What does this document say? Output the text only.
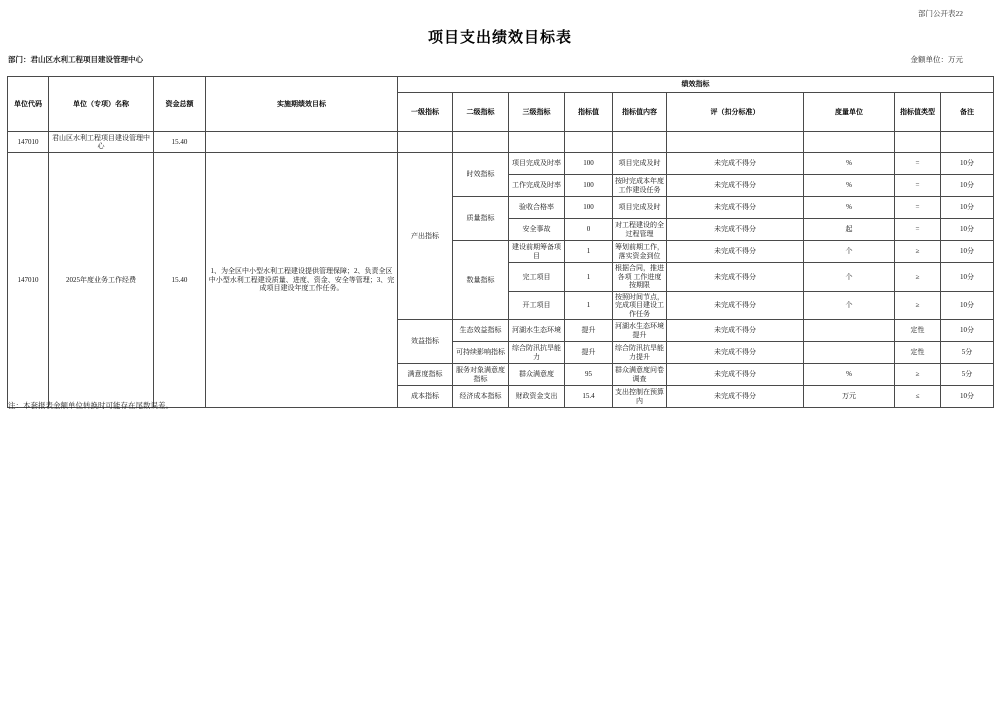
部门公开表22
项目支出绩效目标表
部门：君山区水利工程项目建设管理中心	金额单位：万元
单位代码	单位（专项）名称	资金总额	实施期绩效目标	绩效指标								
				一级指标	二级指标	三级指标	指标值	指标值内容	评（扣分标准）	度量单位	指标值类型	备注
147010	君山区水利工程项目建设管理中心	15.40										
147010	2025年度业务工作经费	15.40	1、为全区中小型水利工程建设提供管理保障；2、负责全区中小型水利工程建设质量、进度、资金、安全等管理；3、完成项目建设年度工作任务。	产出指标	时效指标	项目完成及时率	100	项目完成及时	未完成不得分	%	=	10分
						工作完成及时率	100	按时完成本年度工作建设任务	未完成不得分	%	=	10分
					质量指标	验收合格率	100	项目完成及时	未完成不得分	%	=	10分
						安全事故	0	对工程建设的全过程管理	未完成不得分	起	=	10分
					数量指标	建设前期筹备项目	1	筹划前期工作，落实资金到位	未完成不得分	个	≥	10分
						完工项目	1	根据合同，推进各项 工作进度按期限	未完成不得分	个	≥	10分
						开工项目	1	按照时间节点，完成项目建设工作任务	未完成不得分	个	≥	10分
				效益指标	生态效益指标	河湖水生态环境	提升	河湖水生态环境提升	未完成不得分		定性	10分
					可持续影响指标	综合防汛抗旱能力	提升	综合防汛抗旱能力提升	未完成不得分		定性	5分
				满意度指标	服务对象满意度指标	群众满意度	95	群众满意度问卷调查	未完成不得分	%	≥	5分
				成本指标	经济成本指标	财政资金支出	15.4	支出控制在预算内	未完成不得分	万元	≤	10分
注：本套报表金额单位转换时可能存在尾数误差。
